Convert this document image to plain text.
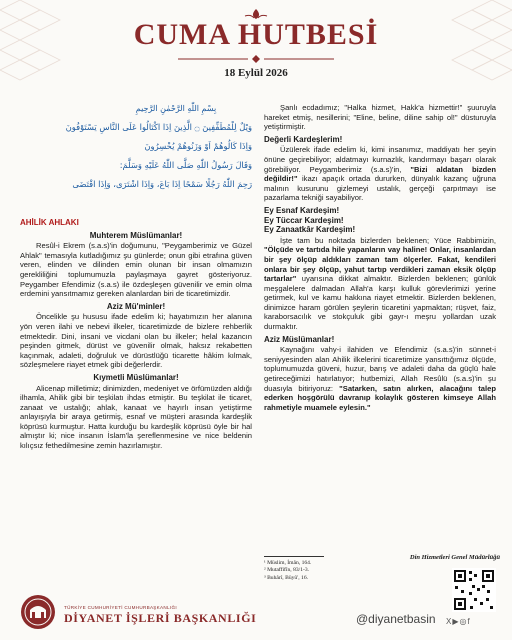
CUMA HUTBESİ
18 Eylül 2026
بِسْمِ اللّٰهِ الرَّحْمٰنِ الرَّحِيمِ
وَيْلٌ لِلْمُطَفِّفِينَ ۝ الَّذِينَ اِذَا اكْتَالُوا عَلَى النَّاسِ يَسْتَوْفُونَ
وَاِذَا كَالُوهُمْ اَوْ وَزَنُوهُمْ يُخْسِرُونَ
وَقَالَ رَسُولُ اللّٰهِ صَلَّى اللّٰهُ عَلَيْهِ وَسَلَّمَ:
رَحِمَ اللّٰهُ رَجُلًا سَمْحًا اِذَا بَاعَ، وَاِذَا اشْتَرَى، وَاِذَا اقْتَضَى
AHİLİK AHLAKI
Muhterem Müslümanlar!
Resûl-i Ekrem (s.a.s)'in doğumunu, "Peygamberimiz ve Güzel Ahlak" temasıyla kutladığımız şu günlerde; onun gibi etrafına güven veren, elinden ve dilinden emin olunan bir insan olmamızın gerekliliğini toplumumuzla paylaşmaya gayret gösteriyoruz. Peygamber Efendimiz (s.a.s) ile özdeşleşen güvenilir ve emin olma erdemini yansıtmamız gereken alanlardan biri de ticaretimizdir.
Aziz Mü'minler!
Öncelikle şu hususu ifade edelim ki; hayatımızın her alanına yön veren ilahi ve nebevi ilkeler, ticaretimizde de bizlere rehberlik etmektedir. Dini, insani ve vicdani olan bu ilkeler; helal kazancın peşinden gitmek, dürüst ve güvenilir olmak, haksız rekabetten kaçınmak, adaleti, doğruluk ve dürüstlüğü ticarette hâkim kılmak, sözleşmelere riayet etmek gibi değerlerdir.
Kıymetli Müslümanlar!
Alicenap milletimiz; dinimizden, medeniyet ve örfümüzden aldığı ilhamla, Ahilik gibi bir teşkilatı ihdas etmiştir. Bu teşkilat ile ticaret, zanaat ve ustalığı; ahlak, kanaat ve hayırlı insan yetiştirme anlayışıyla bir araya getirmiş, esnaf ve müşteri arasında kardeşlik köprüsü kurmuştur. Hatta kurduğu bu kardeşlik köprüsü öyle bir hal almıştır ki; nice insanın İslam'la şereflenmesine ve nice beldenin kılıçsız fethedilmesine zemin hazırlamıştır.
Şanlı ecdadımız; "Halka hizmet, Hakk'a hizmettir!" şuuruyla hareket etmiş, nesillerini; "Eline, beline, diline sahip ol!" düsturuyla yetiştirmiştir.
Değerli Kardeşlerim!
Üzülerek ifade edelim ki, kimi insanımız, maddiyatı her şeyin önüne geçirebiliyor; aldatmayı kurnazlık, kandırmayı başarı olarak görebiliyor. Peygamberimiz (s.a.s)'in, "Bizi aldatan bizden değildir!" ikazı apaçık ortada dururken, dünyalık kazanç uğruna malının kusurunu gizlemeyi ustalık, gerçeği çarpıtmayı ise pazarlama tekniği sayabiliyor.
Ey Esnaf Kardeşim!
Ey Tüccar Kardeşim!
Ey Zanaatkâr Kardeşim!
İşte tam bu noktada bizlerden beklenen; Yüce Rabbimizin, "Ölçüde ve tartıda hile yapanların vay haline! Onlar, insanlardan bir şey ölçüp aldıkları zaman tam ölçerler. Fakat, kendileri onlara bir şey ölçüp, yahut tartıp verdikleri zaman eksik ölçüp tartarlar" uyarısına dikkat almaktır. Bizlerden beklenen; günlük meşgalelere dalmadan Allah'a karşı kulluk görevlerimizi yerine getirmek, kul ve kamu hakkına riayet etmektir. Bizlerden beklenen, dinimizce haram görülen şeylerin ticaretini yapmaktan; rüşvet, faiz, karaborsacılık ve stokçuluk gibi gayr-ı meşru yollardan uzak durmaktır.
Aziz Müslümanlar!
Kaynağını vahy-i ilahiden ve Efendimiz (s.a.s)'in sünnet-i seniyyesinden alan Ahilik ilkelerini ticaretimize yansıttığımız ölçüde, toplumumuzda güveni, huzur, barış ve adaleti daha da güçlü hale getireceğimizi hatırlatıyor; hutbemizi, Allah Resûlü (s.a.s)'in şu duasıyla bitiriyoruz: "Satarken, satın alırken, alacağını talep ederken hoşgörülü davranıp kolaylık gösteren kimseye Allah rahmetiyle muamele eylesin."
¹ Müslim, İmân, 164.
² Mutaffifîn, 83/1-3.
³ Buhârî, Büyû', 16.
Din Hizmetleri Genel Müdürlüğü
TÜRKİYE CUMHURİYETİ CUMHURBAŞKANLIĞI
DİYANET İŞLERİ BAŞKANLIĞI	@diyanetbasin X▶◎f
